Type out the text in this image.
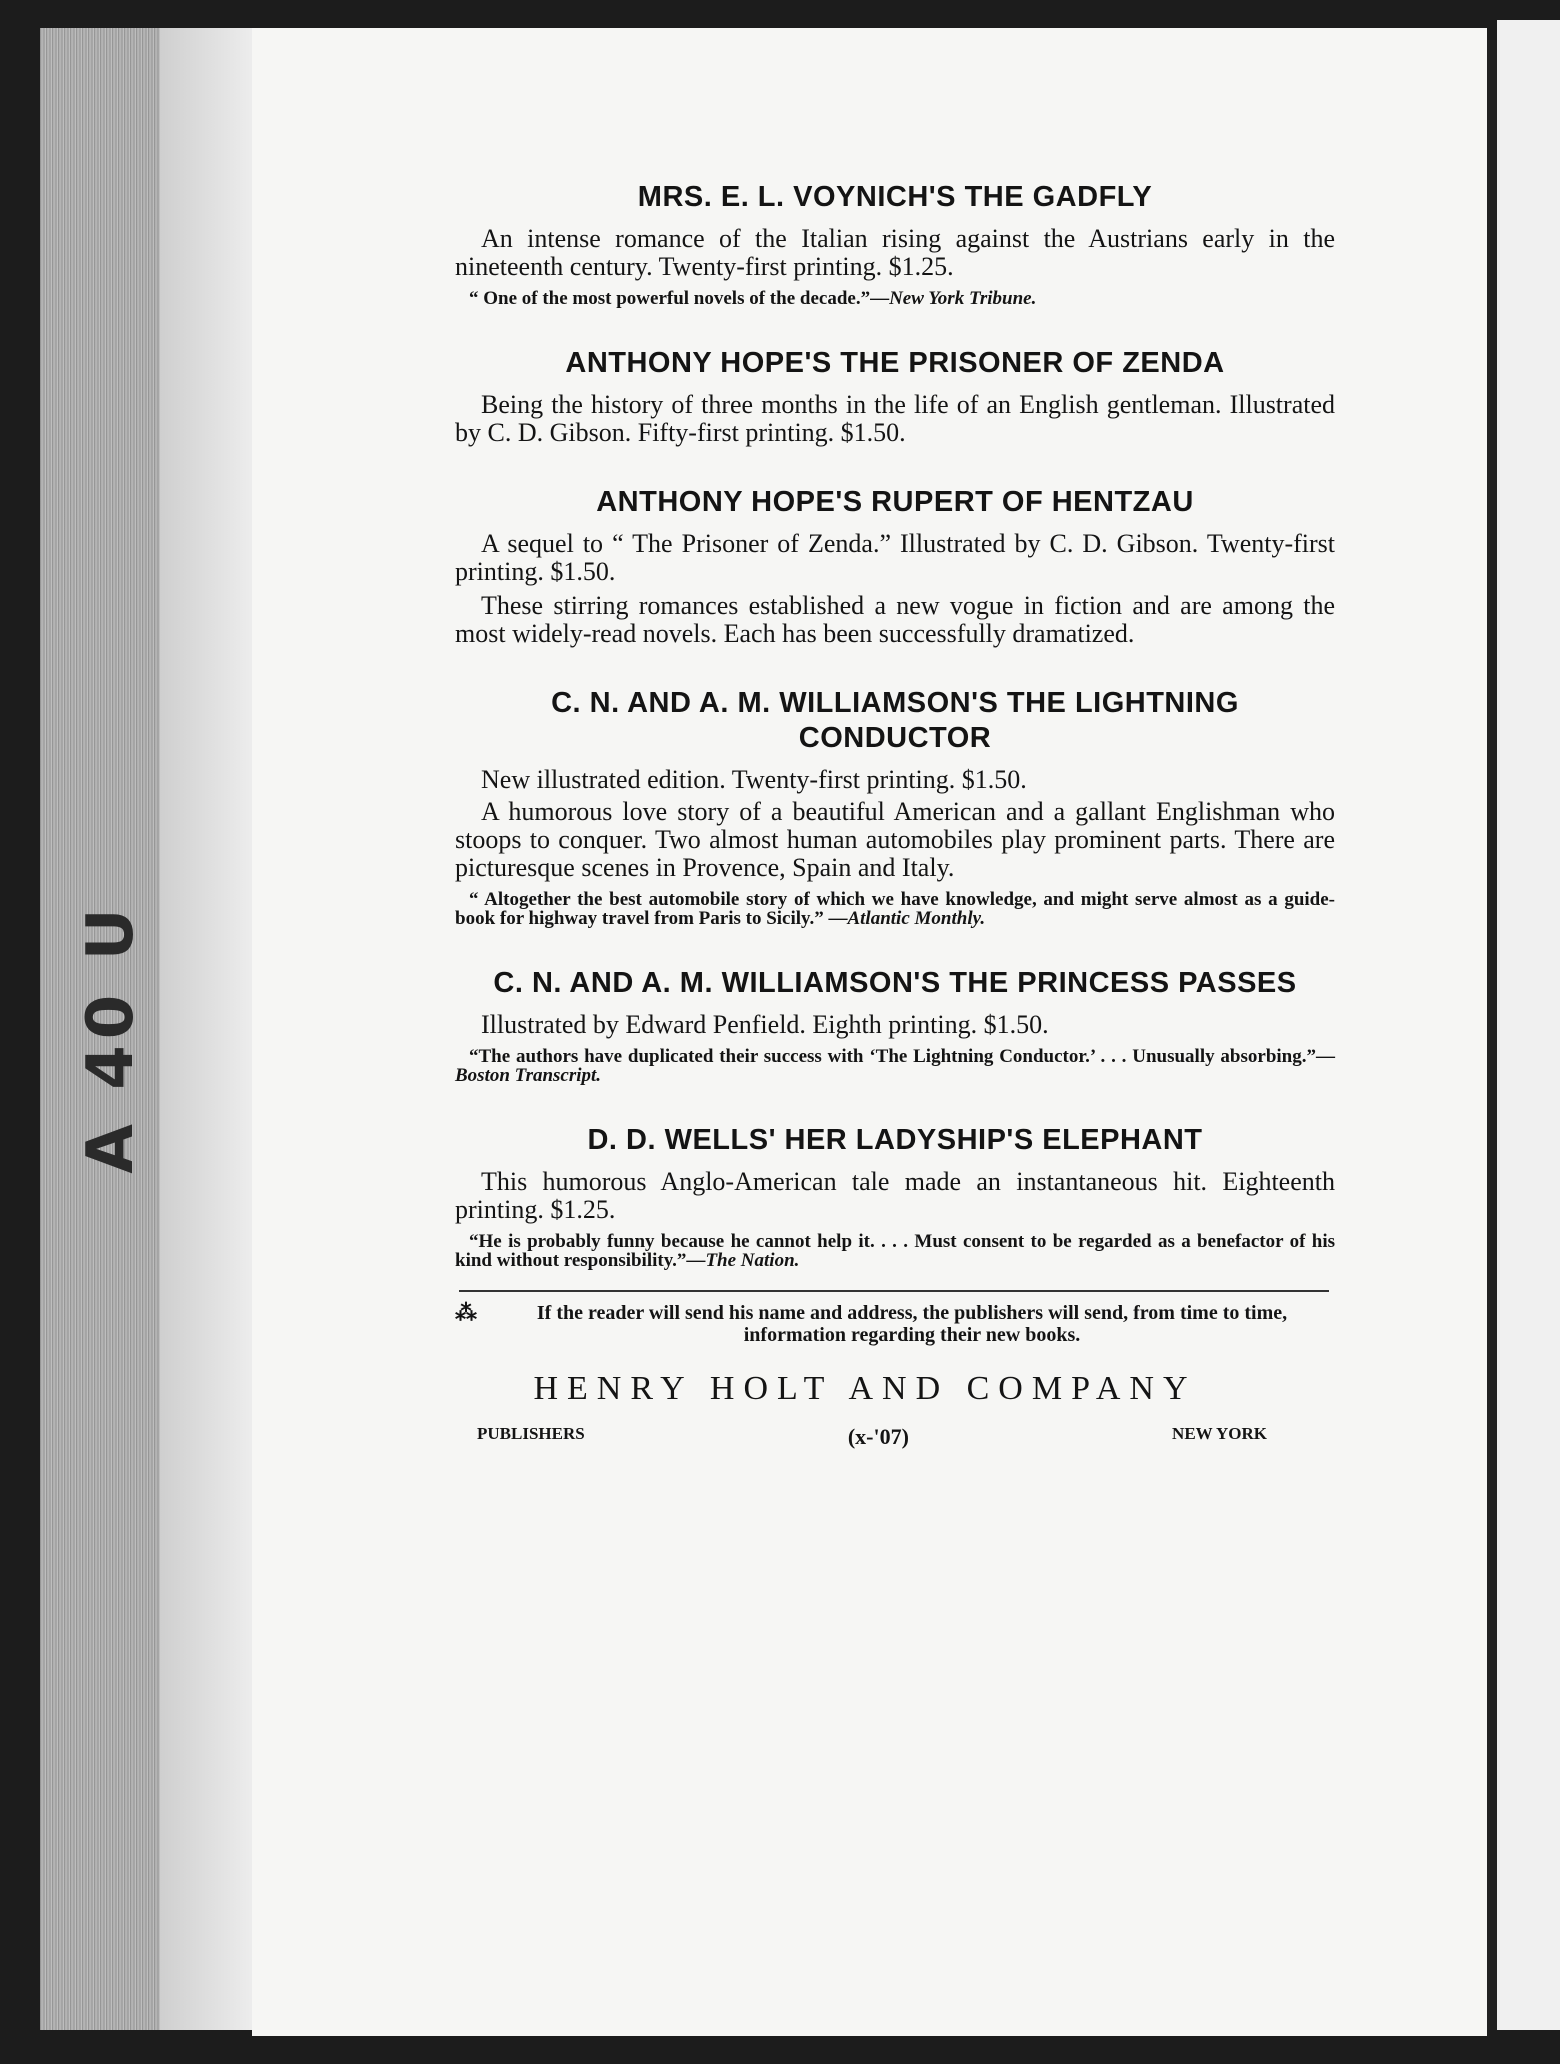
A 40 U
MRS. E. L. VOYNICH'S THE GADFLY

An intense romance of the Italian rising against the Austrians early in the nineteenth century. Twenty-first printing. $1.25.

“ One of the most powerful novels of the decade.”—New York Tribune.

ANTHONY HOPE'S THE PRISONER OF ZENDA

Being the history of three months in the life of an English gentleman. Illustrated by C. D. Gibson. Fifty-first printing. $1.50.

ANTHONY HOPE'S RUPERT OF HENTZAU

A sequel to “ The Prisoner of Zenda.” Illustrated by C. D. Gibson. Twenty-first printing. $1.50.

These stirring romances established a new vogue in fiction and are among the most widely-read novels. Each has been successfully dramatized.

C. N. AND A. M. WILLIAMSON'S THE LIGHTNING CONDUCTOR

New illustrated edition. Twenty-first printing. $1.50.

A humorous love story of a beautiful American and a gallant Englishman who stoops to conquer. Two almost human automobiles play prominent parts. There are picturesque scenes in Provence, Spain and Italy.

“ Altogether the best automobile story of which we have knowledge, and might serve almost as a guide-book for highway travel from Paris to Sicily.” —Atlantic Monthly.

C. N. AND A. M. WILLIAMSON'S THE PRINCESS PASSES

Illustrated by Edward Penfield. Eighth printing. $1.50.

“The authors have duplicated their success with ‘The Lightning Conductor.’ . . . Unusually absorbing.”—Boston Transcript.

D. D. WELLS' HER LADYSHIP'S ELEPHANT

This humorous Anglo-American tale made an instantaneous hit. Eighteenth printing. $1.25.

“He is probably funny because he cannot help it. . . . Must consent to be regarded as a benefactor of his kind without responsibility.”—The Nation.

⁂	If the reader will send his name and address, the publishers will send, from time to time, information regarding their new books.
HENRY HOLT AND COMPANY
PUBLISHERS	(x-'07)	NEW YORK
